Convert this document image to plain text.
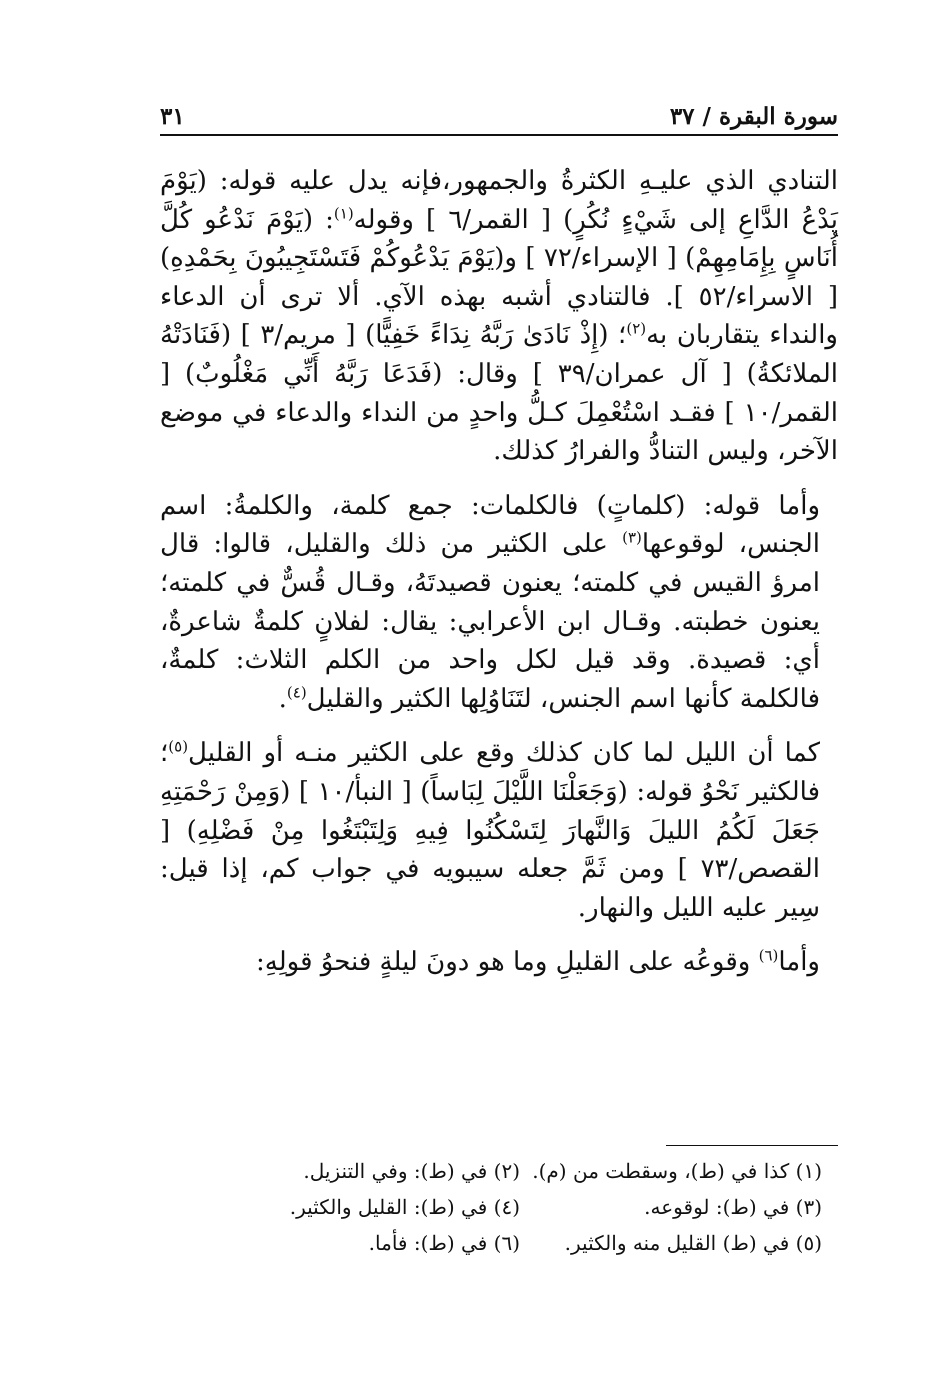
سورة البقرة / ٣٧
٣١

التنادي الذي عليـهِ الكثرةُ والجمهور،فإنه يدل عليه قوله: (يَوْمَ يَدْعُ الدَّاعِ إلى شَيْءٍ نُكُرٍ) [ القمر/٦ ] وقوله$^{(١)}$: (يَوْمَ نَدْعُو كُلَّ أُنَاسٍ بِإِمَامِهِمْ) [ الإسراء/٧٢ ] و(يَوْمَ يَدْعُوكُمْ فَتَسْتَجِيبُونَ بِحَمْدِهِ) [ الاسراء/٥٢ ]. فالتنادي أشبه بهذه الآي. ألا ترى أن الدعاء والنداء يتقاربان به$^{(٢)}$؛ (إِذْ نَادَىٰ رَبَّهُ نِدَاءً خَفِيًّا) [ مريم/٣ ] (فَنَادَتْهُ الملائكةُ) [ آل عمران/٣٩ ] وقال: (فَدَعَا رَبَّهُ أَنِّي مَغْلُوبٌ) [ القمر/١٠ ] فقـد اسْتُعْمِلَ كـلُّ واحدٍ من النداء والدعاء في موضع الآخر، وليس التنادُّ والفرارُ كذلك.

وأما قوله: (كلماتٍ) فالكلمات: جمع كلمة، والكلمةُ: اسم الجنس، لوقوعها$^{(٣)}$ على الكثير من ذلك والقليل، قالوا: قال امرؤ القيس في كلمته؛ يعنون قصيدتَهُ، وقـال قُسٌّ في كلمته؛ يعنون خطبته. وقـال ابن الأعرابي: يقال: لفلانٍ كلمةٌ شاعرةٌ، أي: قصيدة. وقد قيل لكل واحد من الكلم الثلاث: كلمةٌ، فالكلمة كأنها اسم الجنس، لتَنَاوُلِها الكثير والقليل$^{(٤)}$.

كما أن الليل لما كان كذلك وقع على الكثير منـه أو القليل$^{(٥)}$؛ فالكثير نَحْوُ قوله: (وَجَعَلْنَا اللَّيْلَ لِبَاساً) [ النبأ/١٠ ] (وَمِنْ رَحْمَتِهِ جَعَلَ لَكُمُ الليلَ وَالنَّهارَ لِتَسْكُنُوا فِيهِ وَلِتَبْتَغُوا مِنْ فَضْلِهِ) [ القصص/٧٣ ] ومن ثَمَّ جعله سيبويه في جواب كم، إذا قيل: سِير عليه الليل والنهار.

وأما$^{(٦)}$ وقوعُه على القليلِ وما هو دونَ ليلةٍ فنحوُ قولِهِ:

(١) كذا في (ط)، وسقطت من (م).
(٢) في (ط): وفي التنزيل.
(٣) في (ط): لوقوعه.
(٤) في (ط): القليل والكثير.
(٥) في (ط) القليل منه والكثير.
(٦) في (ط): فأما.
